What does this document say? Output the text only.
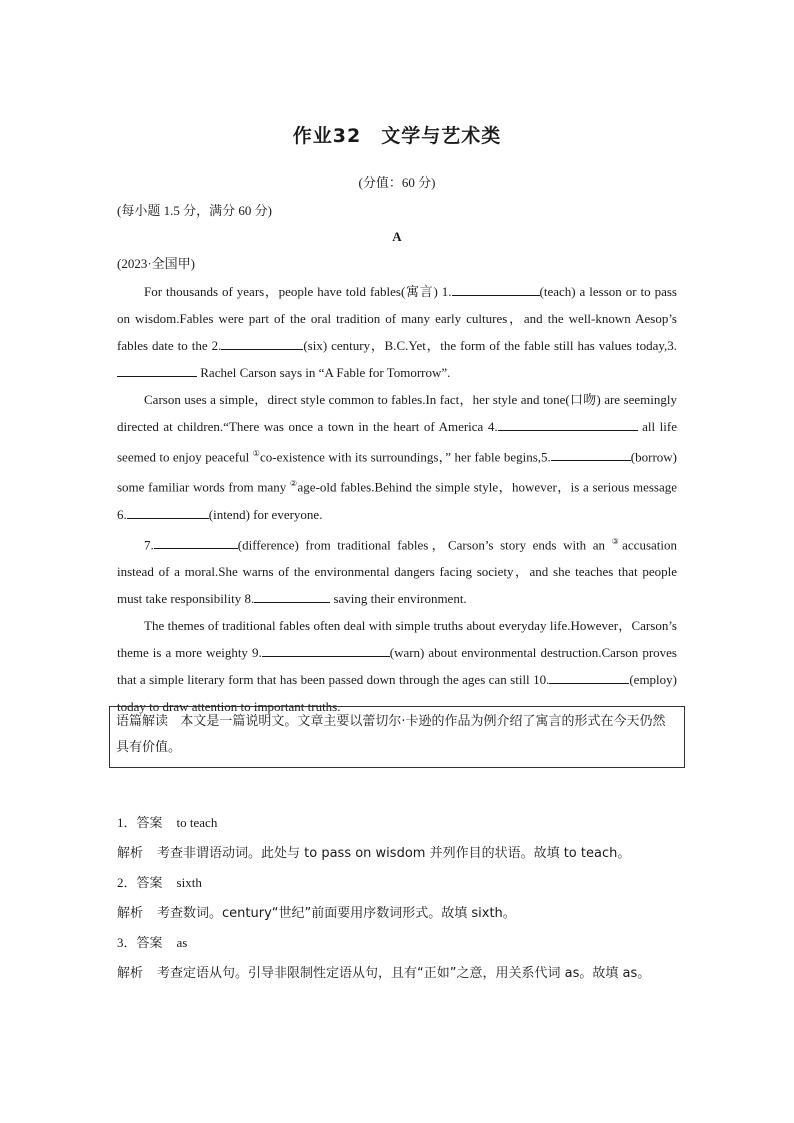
作业32　文学与艺术类
(分值：60 分)
(每小题 1.5 分，满分 60 分)
A
(2023·全国甲)

For thousands of years，people have told fables(寓言) 1.	(teach) a lesson or to pass on wisdom.Fables were part of the oral tradition of many early cultures，and the well-known Aesop’s fables date to the 2.	(six) century，B.C.Yet，the form of the fable still has values today,3. Rachel Carson says in “A Fable for Tomorrow”.

Carson uses a simple，direct style common to fables.In fact，her style and tone(口吻) are seemingly directed at children.“There was once a town in the heart of America 4.	all life seemed to enjoy peaceful ①co-existence with its surroundings，” her fable begins,5.	(borrow) some familiar words from many ②age-old fables.Behind the simple style，however，is a serious message 6.	(intend) for everyone.

7.	(difference) from traditional fables，Carson’s story ends with an ③accusation instead of a moral.She warns of the environmental dangers facing society，and she teaches that people must take responsibility 8.	saving their environment.

The themes of traditional fables often deal with simple truths about everyday life.However，Carson’s theme is a more weighty 9.	(warn) about environmental destruction.Carson proves that a simple literary form that has been passed down through the ages can still 10.	(employ) today to draw attention to important truths.

语篇解读 本文是一篇说明文。文章主要以蕾切尔·卡逊的作品为例介绍了寓言的形式在今天仍然具有价值。
1．答案 to teach
解析 考查非谓语动词。此处与 to pass on wisdom 并列作目的状语。故填 to teach。
2．答案 sixth
解析 考查数词。century“世纪”前面要用序数词形式。故填 sixth。
3．答案 as
解析 考查定语从句。引导非限制性定语从句，且有“正如”之意，用关系代词 as。故填 as。
